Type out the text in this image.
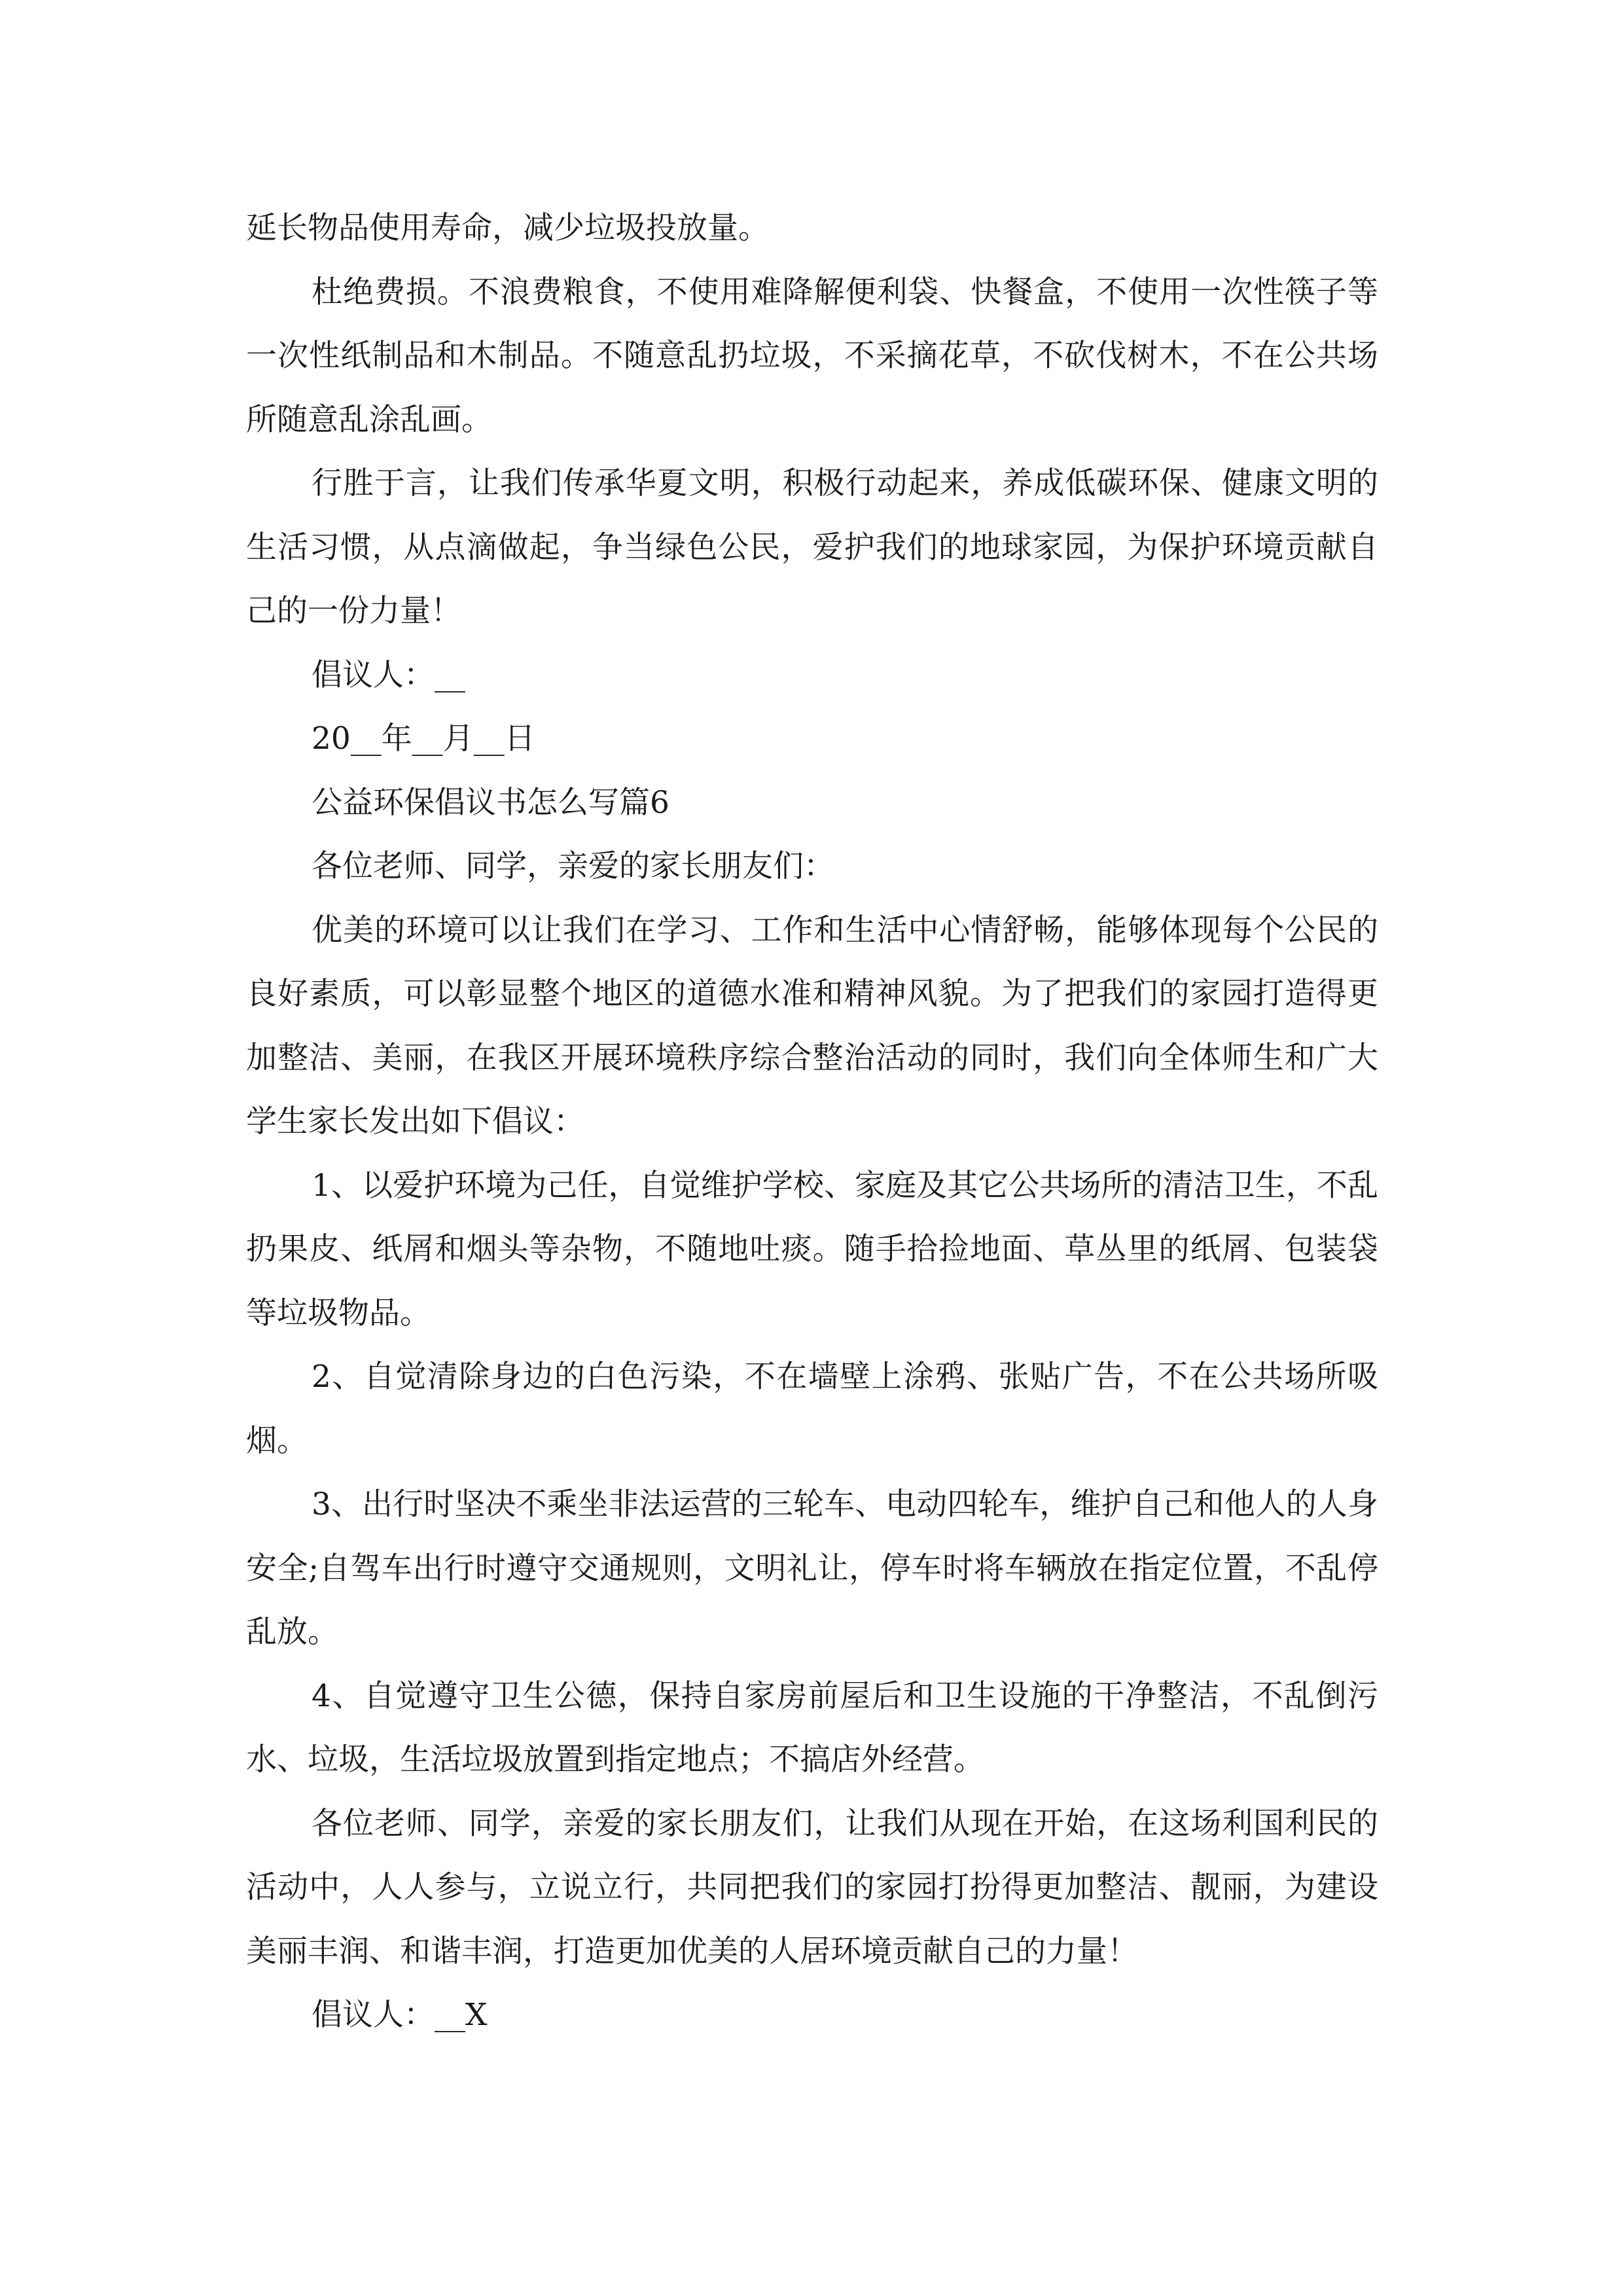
延长物品使用寿命，减少垃圾投放量。

杜绝费损。不浪费粮食，不使用难降解便利袋、快餐盒，不使用一次性筷子等一次性纸制品和木制品。不随意乱扔垃圾，不采摘花草，不砍伐树木，不在公共场所随意乱涂乱画。

行胜于言，让我们传承华夏文明，积极行动起来，养成低碳环保、健康文明的生活习惯，从点滴做起，争当绿色公民，爱护我们的地球家园，为保护环境贡献自己的一份力量！

倡议人：__

20__年__月__日

公益环保倡议书怎么写篇6

各位老师、同学，亲爱的家长朋友们：

优美的环境可以让我们在学习、工作和生活中心情舒畅，能够体现每个公民的良好素质，可以彰显整个地区的道德水准和精神风貌。为了把我们的家园打造得更加整洁、美丽，在我区开展环境秩序综合整治活动的同时，我们向全体师生和广大学生家长发出如下倡议：

1、以爱护环境为己任，自觉维护学校、家庭及其它公共场所的清洁卫生，不乱扔果皮、纸屑和烟头等杂物，不随地吐痰。随手拾捡地面、草丛里的纸屑、包装袋等垃圾物品。

2、自觉清除身边的白色污染，不在墙壁上涂鸦、张贴广告，不在公共场所吸烟。

3、出行时坚决不乘坐非法运营的三轮车、电动四轮车，维护自己和他人的人身安全;自驾车出行时遵守交通规则，文明礼让，停车时将车辆放在指定位置，不乱停乱放。

4、自觉遵守卫生公德，保持自家房前屋后和卫生设施的干净整洁，不乱倒污水、垃圾，生活垃圾放置到指定地点；不搞店外经营。

各位老师、同学，亲爱的家长朋友们，让我们从现在开始，在这场利国利民的活动中，人人参与，立说立行，共同把我们的家园打扮得更加整洁、靓丽，为建设美丽丰润、和谐丰润，打造更加优美的人居环境贡献自己的力量！

倡议人：__X
